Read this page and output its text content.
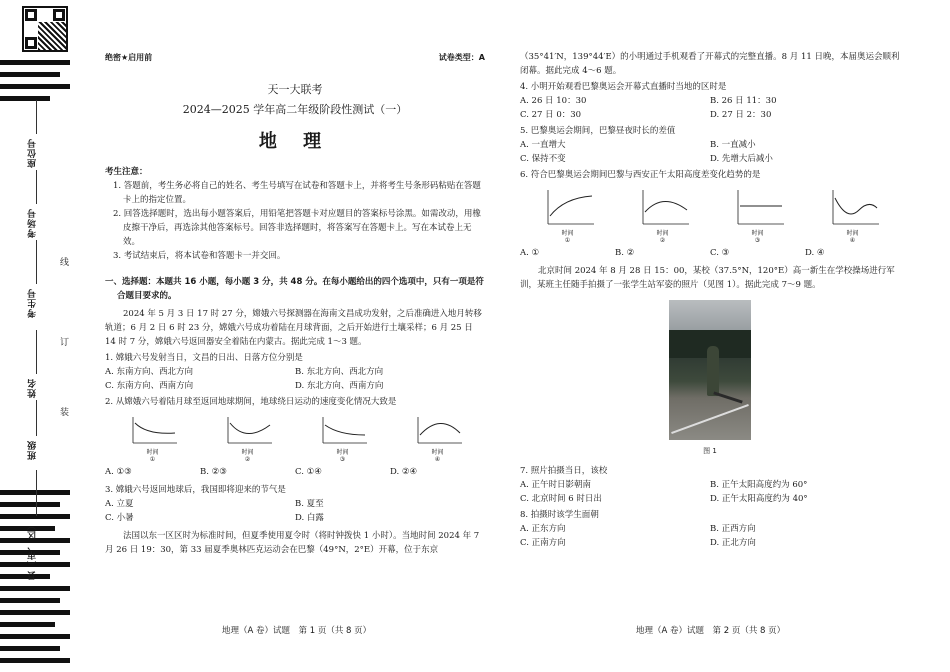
座位号
考场号
考生号
姓名
班级
县（市、区）
线
订
装
绝密★启用前	试卷类型：A
天一大联考
2024—2025 学年高二年级阶段性测试（一）
地 理
考生注意：
1. 答题前，考生务必将自己的姓名、考生号填写在试卷和答题卡上，并将考生号条形码粘贴在答题卡上的指定位置。
2. 回答选择题时，选出每小题答案后，用铅笔把答题卡对应题目的答案标号涂黑。如需改动，用橡皮擦干净后，再选涂其他答案标号。回答非选择题时，将答案写在答题卡上。写在本试卷上无效。
3. 考试结束后，将本试卷和答题卡一并交回。
一、选择题：本题共 16 小题，每小题 3 分，共 48 分。在每小题给出的四个选项中，只有一项是符合题目要求的。
2024 年 5 月 3 日 17 时 27 分，嫦娥六号探测器在海南文昌成功发射，之后准确进入地月转移轨道；6 月 2 日 6 时 23 分，嫦娥六号成功着陆在月球背面，之后开始进行土壤采样；6 月 25 日 14 时 7 分，嫦娥六号返回器安全着陆在内蒙古。据此完成 1～3 题。
1. 嫦娥六号发射当日，文昌的日出、日落方位分别是
A. 东南方向、西北方向	B. 东北方向、西北方向
C. 东南方向、西南方向	D. 东北方向、西南方向
2. 从嫦娥六号着陆月球至返回地球期间，地球绕日运动的速度变化情况大致是
时间
①
时间
②
时间
③
时间
④
A. ①③	B. ②③	C. ①④	D. ②④
3. 嫦娥六号返回地球后，我国即将迎来的节气是
A. 立夏	B. 夏至
C. 小暑	D. 白露
法国以东一区区时为标准时间，但夏季使用夏令时（将时钟拨快 1 小时）。当地时间 2024 年 7 月 26 日 19：30，第 33 届夏季奥林匹克运动会在巴黎（49°N，2°E）开幕，位于东京
地理（A 卷）试题　第 1 页（共 8 页）
（35°41′N，139°44′E）的小明通过手机观看了开幕式的完整直播。8 月 11 日晚，本届奥运会顺利闭幕。据此完成 4～6 题。
4. 小明开始观看巴黎奥运会开幕式直播时当地的区时是
A. 26 日 10：30	B. 26 日 11：30
C. 27 日 0：30	D. 27 日 2：30
5. 巴黎奥运会期间，巴黎昼夜时长的差值
A. 一直增大	B. 一直减小
C. 保持不变	D. 先增大后减小
6. 符合巴黎奥运会期间巴黎与西安正午太阳高度差变化趋势的是
时间
①
时间
②
时间
③
时间
④
A. ①	B. ②	C. ③	D. ④
北京时间 2024 年 8 月 28 日 15：00，某校（37.5°N，120°E）高一新生在学校操场进行军训，某班主任随手拍摄了一张学生站军姿的照片（见图 1）。据此完成 7～9 题。
图 1
7. 照片拍摄当日，该校
A. 正午时日影朝南	B. 正午太阳高度约为 60°
C. 北京时间 6 时日出	D. 正午太阳高度约为 40°
8. 拍摄时该学生面朝
A. 正东方向	B. 正西方向
C. 正南方向	D. 正北方向
地理（A 卷）试题　第 2 页（共 8 页）
